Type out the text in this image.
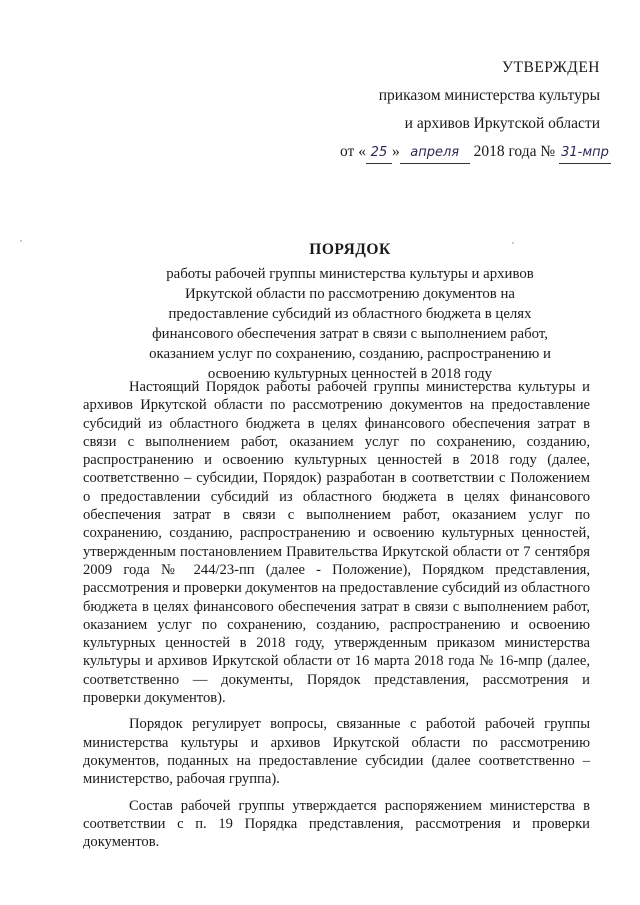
УТВЕРЖДЕН
приказом министерства культуры
и архивов Иркутской области
от « 25 » апреля 2018 года № 31-мпр
ПОРЯДОК
работы рабочей группы министерства культуры и архивов Иркутской области по рассмотрению документов на предоставление субсидий из областного бюджета в целях финансового обеспечения затрат в связи с выполнением работ, оказанием услуг по сохранению, созданию, распространению и освоению культурных ценностей в 2018 году

Настоящий Порядок работы рабочей группы министерства культуры и архивов Иркутской области по рассмотрению документов на предоставление субсидий из областного бюджета в целях финансового обеспечения затрат в связи с выполнением работ, оказанием услуг по сохранению, созданию, распространению и освоению культурных ценностей в 2018 году (далее, соответственно – субсидии, Порядок) разработан в соответствии с Положением о предоставлении субсидий из областного бюджета в целях финансового обеспечения затрат в связи с выполнением работ, оказанием услуг по сохранению, созданию, распространению и освоению культурных ценностей, утвержденным постановлением Правительства Иркутской области от 7 сентября 2009 года № 244/23-пп (далее - Положение), Порядком представления, рассмотрения и проверки документов на предоставление субсидий из областного бюджета в целях финансового обеспечения затрат в связи с выполнением работ, оказанием услуг по сохранению, созданию, распространению и освоению культурных ценностей в 2018 году, утвержденным приказом министерства культуры и архивов Иркутской области от 16 марта 2018 года № 16-мпр (далее, соответственно — документы, Порядок представления, рассмотрения и проверки документов).

Порядок регулирует вопросы, связанные с работой рабочей группы министерства культуры и архивов Иркутской области по рассмотрению документов, поданных на предоставление субсидии (далее соответственно – министерство, рабочая группа).

Состав рабочей группы утверждается распоряжением министерства в соответствии с п. 19 Порядка представления, рассмотрения и проверки документов.
